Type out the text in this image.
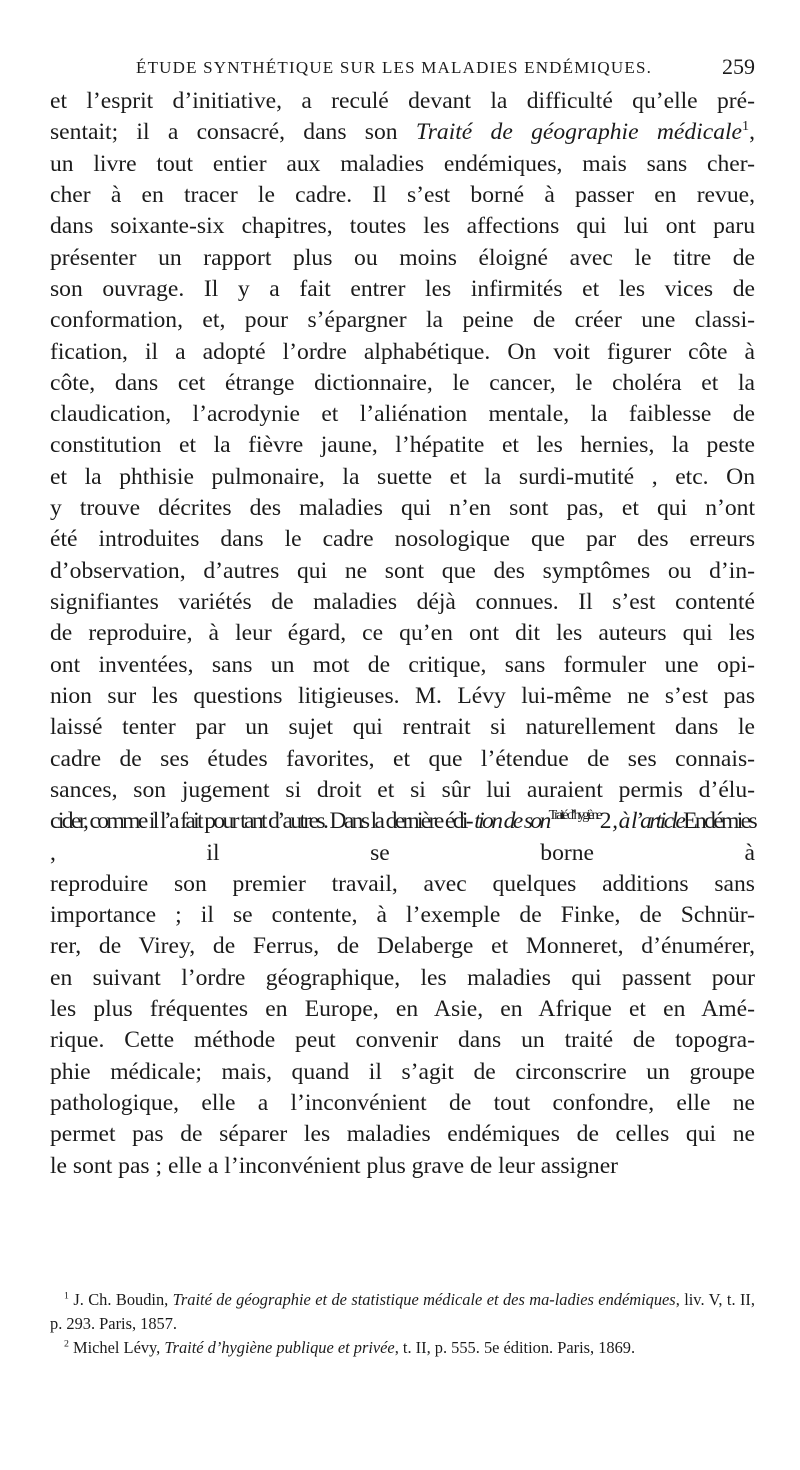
ÉTUDE SYNTHÉTIQUE SUR LES MALADIES ENDÉMIQUES.	259

et l’esprit d’initiative, a reculé devant la difficulté qu’elle pré-
sentait; il a consacré, dans son Traité de géographie médicale$^1$,
un livre tout entier aux maladies endémiques, mais sans cher-
cher à en tracer le cadre. Il s’est borné à passer en revue,
dans soixante-six chapitres, toutes les affections qui lui ont paru
présenter un rapport plus ou moins éloigné avec le titre de
son ouvrage. Il y a fait entrer les infirmités et les vices de
conformation, et, pour s’épargner la peine de créer une classi-
fication, il a adopté l’ordre alphabétique. On voit figurer côte à
côte, dans cet étrange dictionnaire, le cancer, le choléra et la
claudication, l’acrodynie et l’aliénation mentale, la faiblesse de
constitution et la fièvre jaune, l’hépatite et les hernies, la peste
et la phthisie pulmonaire, la suette et la surdi-mutité , etc. On
y trouve décrites des maladies qui n’en sont pas, et qui n’ont
été introduites dans le cadre nosologique que par des erreurs
d’observation, d’autres qui ne sont que des symptômes ou d’in-
signifiantes variétés de maladies déjà connues. Il s’est contenté
de reproduire, à leur égard, ce qu’en ont dit les auteurs qui les
ont inventées, sans un mot de critique, sans formuler une opi-
nion sur les questions litigieuses. M. Lévy lui-même ne s’est pas
laissé tenter par un sujet qui rentrait si naturellement dans le
cadre de ses études favorites, et que l’étendue de ses connais-
sances, son jugement si droit et si sûr lui auraient permis d’élu-
cider, comme il l’a fait pour tant d’autres. Dans la dernière édi- tion de son$^{Traité d’hygiène}$2 , à l’articleEndémies
, il se borne à
reproduire son premier travail, avec quelques additions sans
importance ; il se contente, à l’exemple de Finke, de Schnür-
rer, de Virey, de Ferrus, de Delaberge et Monneret, d’énumérer,
en suivant l’ordre géographique, les maladies qui passent pour
les plus fréquentes en Europe, en Asie, en Afrique et en Amé-
rique. Cette méthode peut convenir dans un traité de topogra-
phie médicale; mais, quand il s’agit de circonscrire un groupe
pathologique, elle a l’inconvénient de tout confondre, elle ne
permet pas de séparer les maladies endémiques de celles qui ne
le sont pas ; elle a l’inconvénient plus grave de leur assigner

$^1$ J. Ch. Boudin, Traité de géographie et de statistique médicale et des ma-ladies endémiques, liv. V, t. II, p. 293. Paris, 1857.

$^2$ Michel Lévy, Traité d’hygiène publique et privée, t. II, p. 555. 5e édition. Paris, 1869.
